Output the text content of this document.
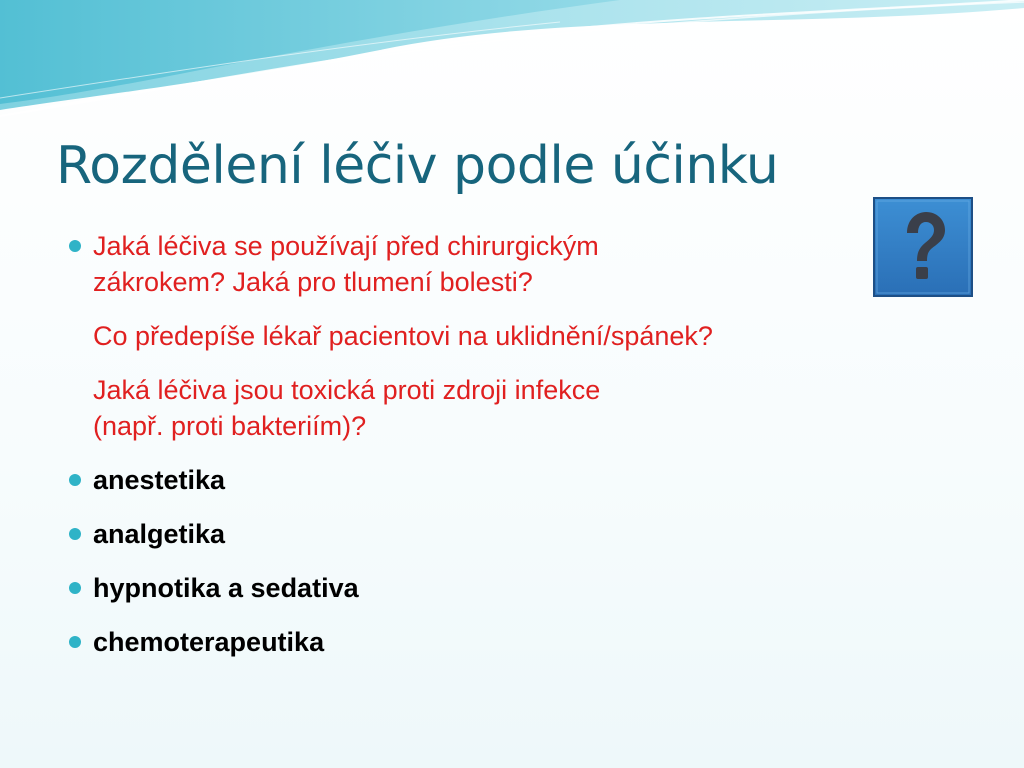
Rozdělení léčiv podle účinku
Jaká léčiva se používají před chirurgickým
zákrokem? Jaká pro tlumení bolesti?
Co předepíše lékař pacientovi na uklidnění/spánek?
Jaká léčiva jsou toxická proti zdroji infekce
(např. proti bakteriím)?
anestetika
analgetika
hypnotika a sedativa
chemoterapeutika
